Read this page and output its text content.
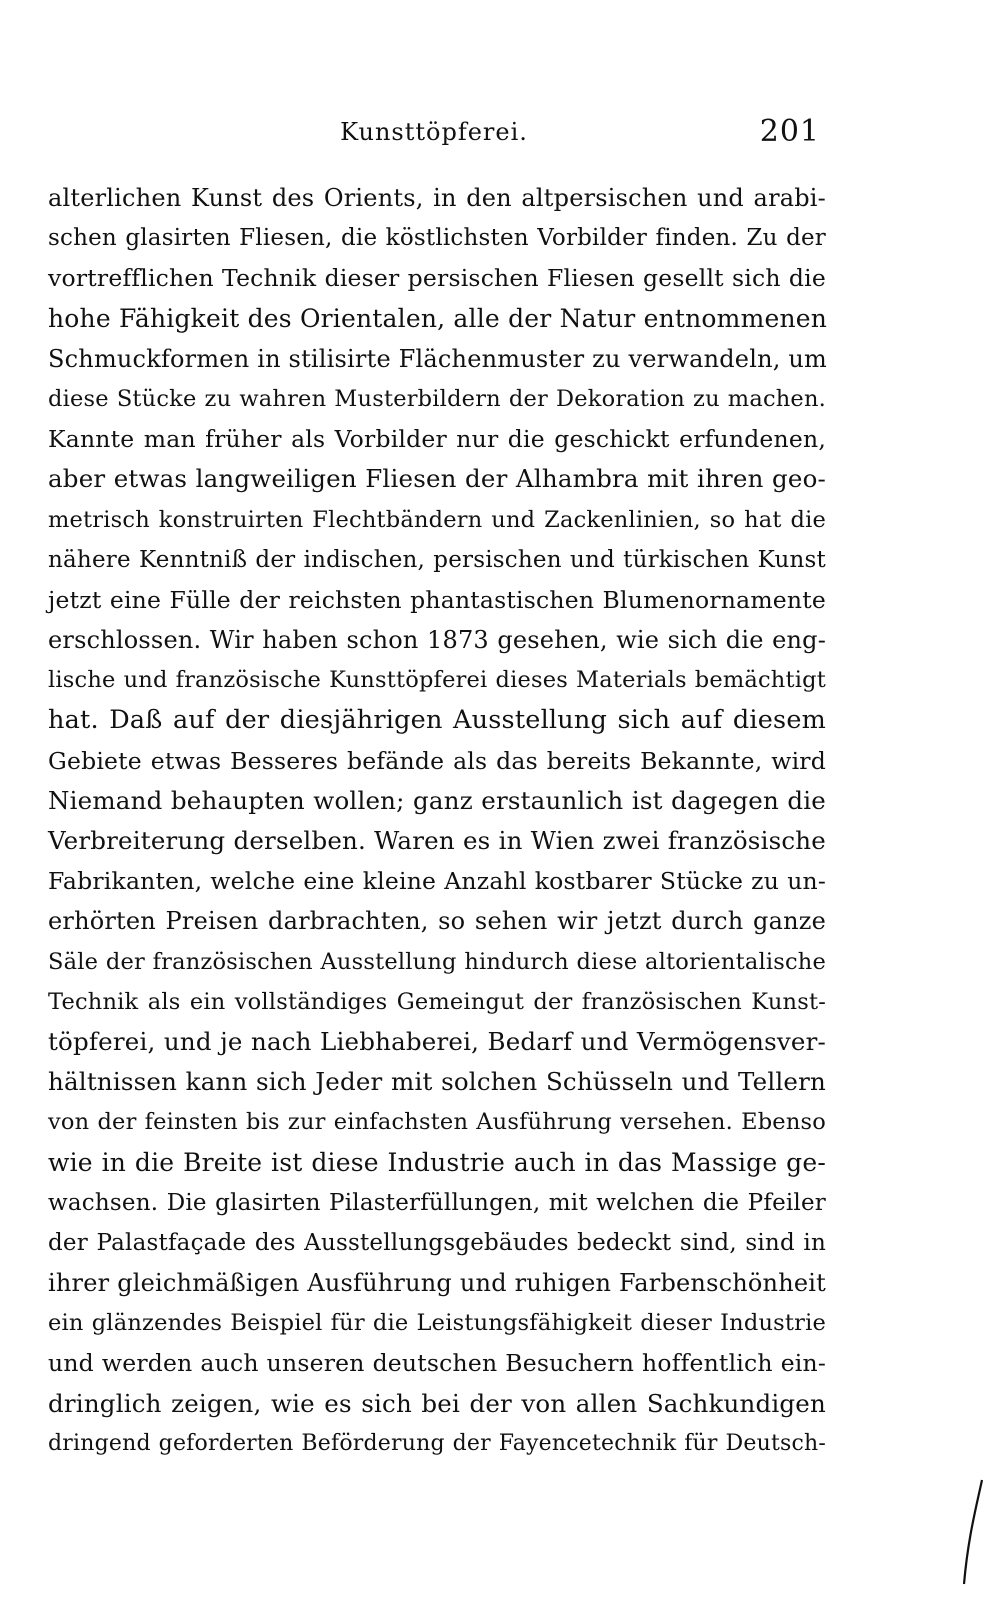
Kunsttöpferei.	201
alterlichen Kunst des Orients, in den altpersischen und arabi-
schen glasirten Fliesen, die köstlichsten Vorbilder finden. Zu der
vortrefflichen Technik dieser persischen Fliesen gesellt sich die
hohe Fähigkeit des Orientalen, alle der Natur entnommenen
Schmuckformen in stilisirte Flächenmuster zu verwandeln, um
diese Stücke zu wahren Musterbildern der Dekoration zu machen.
Kannte man früher als Vorbilder nur die geschickt erfundenen,
aber etwas langweiligen Fliesen der Alhambra mit ihren geo-
metrisch konstruirten Flechtbändern und Zackenlinien, so hat die
nähere Kenntniß der indischen, persischen und türkischen Kunst
jetzt eine Fülle der reichsten phantastischen Blumenornamente
erschlossen. Wir haben schon 1873 gesehen, wie sich die eng-
lische und französische Kunsttöpferei dieses Materials bemächtigt
hat. Daß auf der diesjährigen Ausstellung sich auf diesem
Gebiete etwas Besseres befände als das bereits Bekannte, wird
Niemand behaupten wollen; ganz erstaunlich ist dagegen die
Verbreiterung derselben. Waren es in Wien zwei französische
Fabrikanten, welche eine kleine Anzahl kostbarer Stücke zu un-
erhörten Preisen darbrachten, so sehen wir jetzt durch ganze
Säle der französischen Ausstellung hindurch diese altorientalische
Technik als ein vollständiges Gemeingut der französischen Kunst-
töpferei, und je nach Liebhaberei, Bedarf und Vermögensver-
hältnissen kann sich Jeder mit solchen Schüsseln und Tellern
von der feinsten bis zur einfachsten Ausführung versehen. Ebenso
wie in die Breite ist diese Industrie auch in das Massige ge-
wachsen. Die glasirten Pilasterfüllungen, mit welchen die Pfeiler
der Palastfaçade des Ausstellungsgebäudes bedeckt sind, sind in
ihrer gleichmäßigen Ausführung und ruhigen Farbenschönheit
ein glänzendes Beispiel für die Leistungsfähigkeit dieser Industrie
und werden auch unseren deutschen Besuchern hoffentlich ein-
dringlich zeigen, wie es sich bei der von allen Sachkundigen
dringend geforderten Beförderung der Fayencetechnik für Deutsch-
